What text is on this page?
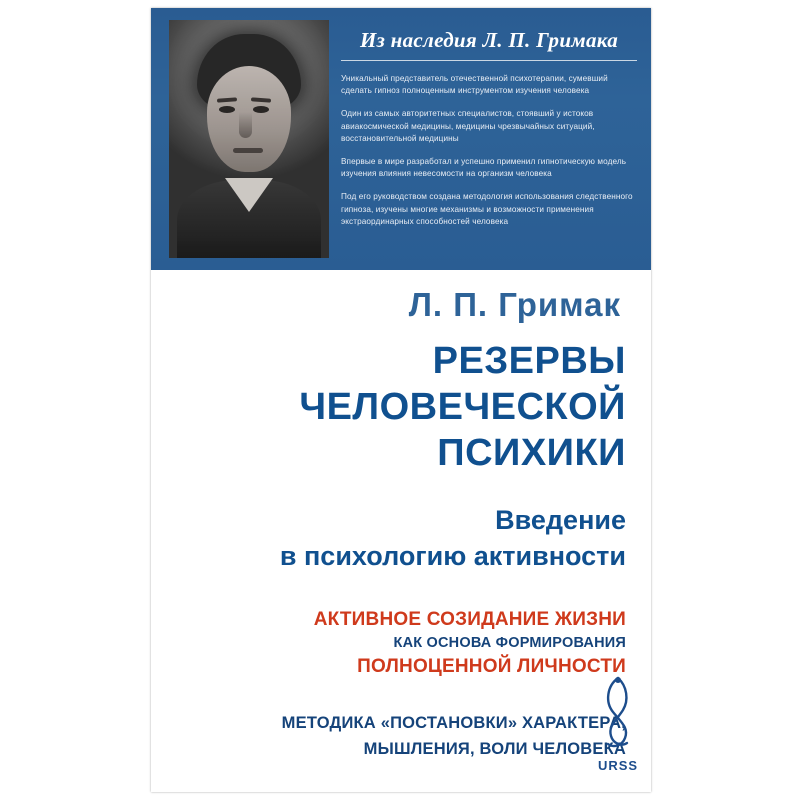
Из наследия Л. П. Гримака
Уникальный представитель отечественной психотерапии, сумевший сделать гипноз полноценным инструментом изучения человека
Один из самых авторитетных специалистов, стоявший у истоков авиакосмической медицины, медицины чрезвычайных ситуаций, восстановительной медицины
Впервые в мире разработал и успешно применил гипнотическую модель изучения влияния невесомости на организм человека
Под его руководством создана методология использования следственного гипноза, изучены многие механизмы и возможности применения экстраординарных способностей человека
Л. П. Гримак
РЕЗЕРВЫ
ЧЕЛОВЕЧЕСКОЙ
ПСИХИКИ
Введение
в психологию активности
АКТИВНОЕ СОЗИДАНИЕ ЖИЗНИ
КАК ОСНОВА ФОРМИРОВАНИЯ
ПОЛНОЦЕННОЙ ЛИЧНОСТИ
МЕТОДИКА «ПОСТАНОВКИ» ХАРАКТЕРА,
МЫШЛЕНИЯ, ВОЛИ ЧЕЛОВЕКА
URSS
